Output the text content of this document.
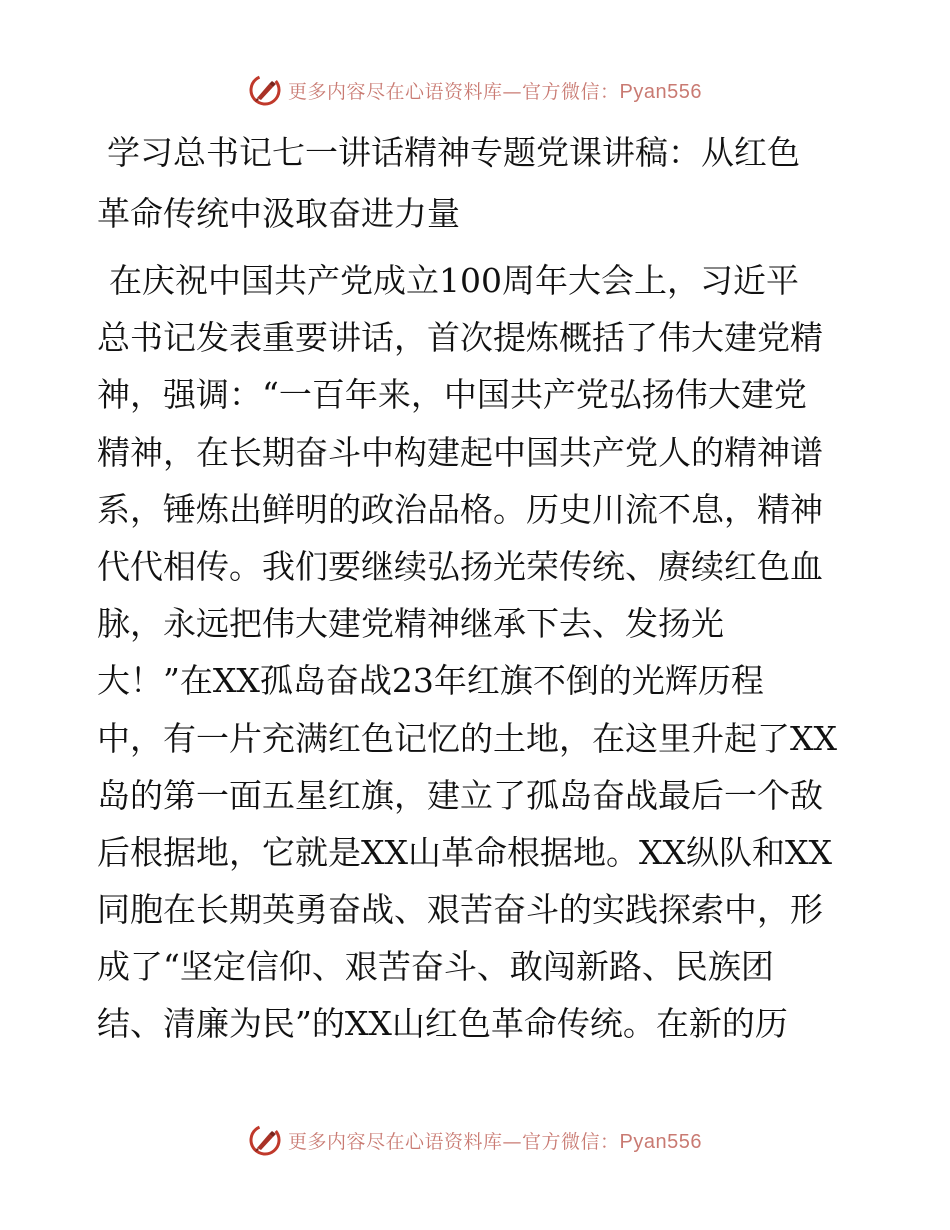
更多内容尽在心语资料库—官方微信：Pyan556
学习总书记七一讲话精神专题党课讲稿：从红色
革命传统中汲取奋进力量
在庆祝中国共产党成立100周年大会上，习近平
总书记发表重要讲话，首次提炼概括了伟大建党精
神，强调：“一百年来，中国共产党弘扬伟大建党
精神，在长期奋斗中构建起中国共产党人的精神谱
系，锤炼出鲜明的政治品格。历史川流不息，精神
代代相传。我们要继续弘扬光荣传统、赓续红色血
脉，永远把伟大建党精神继承下去、发扬光
大！”在XX孤岛奋战23年红旗不倒的光辉历程
中，有一片充满红色记忆的土地，在这里升起了XX
岛的第一面五星红旗，建立了孤岛奋战最后一个敌
后根据地，它就是XX山革命根据地。XX纵队和XX
同胞在长期英勇奋战、艰苦奋斗的实践探索中，形
成了“坚定信仰、艰苦奋斗、敢闯新路、民族团
结、清廉为民”的XX山红色革命传统。在新的历
更多内容尽在心语资料库—官方微信：Pyan556
